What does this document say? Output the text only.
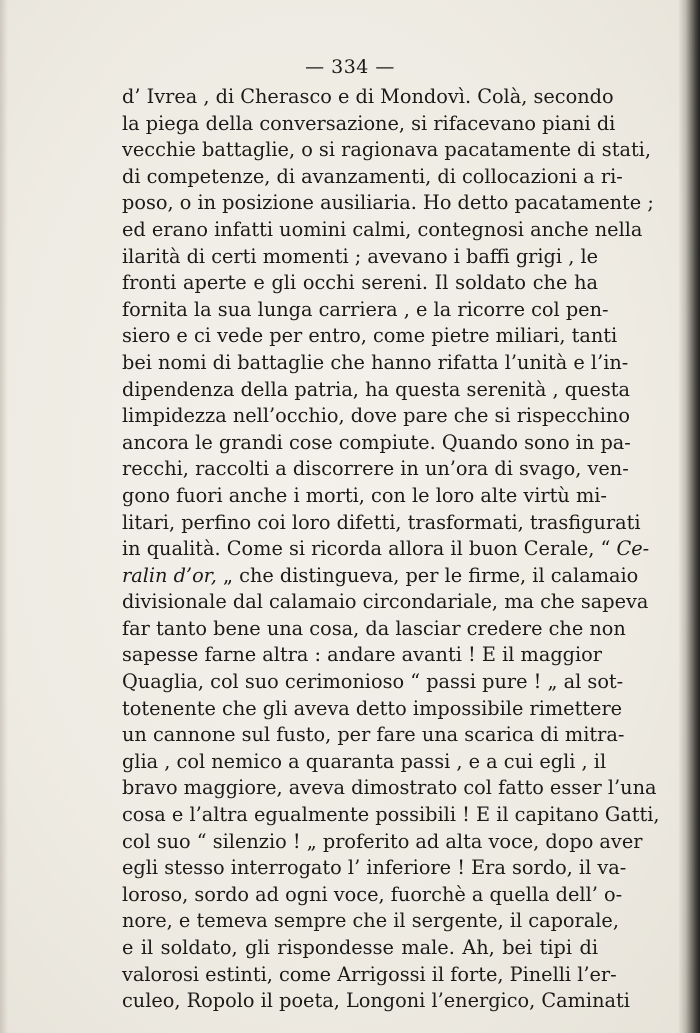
— 334 —
d’ Ivrea , di Cherasco e di Mondovì. Colà, secondo
la piega della conversazione, si rifacevano piani di
vecchie battaglie, o si ragionava pacatamente di stati,
di competenze, di avanzamenti, di collocazioni a ri-
poso, o in posizione ausiliaria. Ho detto pacatamente ;
ed erano infatti uomini calmi, contegnosi anche nella
ilarità di certi momenti ; avevano i baffi grigi , le
fronti aperte e gli occhi sereni. Il soldato che ha
fornita la sua lunga carriera , e la ricorre col pen-
siero e ci vede per entro, come pietre miliari, tanti
bei nomi di battaglie che hanno rifatta l’unità e l’in-
dipendenza della patria, ha questa serenità , questa
limpidezza nell’occhio, dove pare che si rispecchino
ancora le grandi cose compiute. Quando sono in pa-
recchi, raccolti a discorrere in un’ora di svago, ven-
gono fuori anche i morti, con le loro alte virtù mi-
litari, perfino coi loro difetti, trasformati, trasfigurati
in qualità. Come si ricorda allora il buon Cerale, “ Ce-
ralin d’or, „ che distingueva, per le firme, il calamaio
divisionale dal calamaio circondariale, ma che sapeva
far tanto bene una cosa, da lasciar credere che non
sapesse farne altra : andare avanti ! E il maggior
Quaglia, col suo cerimonioso “ passi pure ! „ al sot-
totenente che gli aveva detto impossibile rimettere
un cannone sul fusto, per fare una scarica di mitra-
glia , col nemico a quaranta passi , e a cui egli , il
bravo maggiore, aveva dimostrato col fatto esser l’una
cosa e l’altra egualmente possibili ! E il capitano Gatti,
col suo “ silenzio ! „ proferito ad alta voce, dopo aver
egli stesso interrogato l’ inferiore ! Era sordo, il va-
loroso, sordo ad ogni voce, fuorchè a quella dell’ o-
nore, e temeva sempre che il sergente, il caporale,
e il soldato, gli rispondesse male. Ah, bei tipi di
valorosi estinti, come Arrigossi il forte, Pinelli l’er-
culeo, Ropolo il poeta, Longoni l’energico, Caminati
